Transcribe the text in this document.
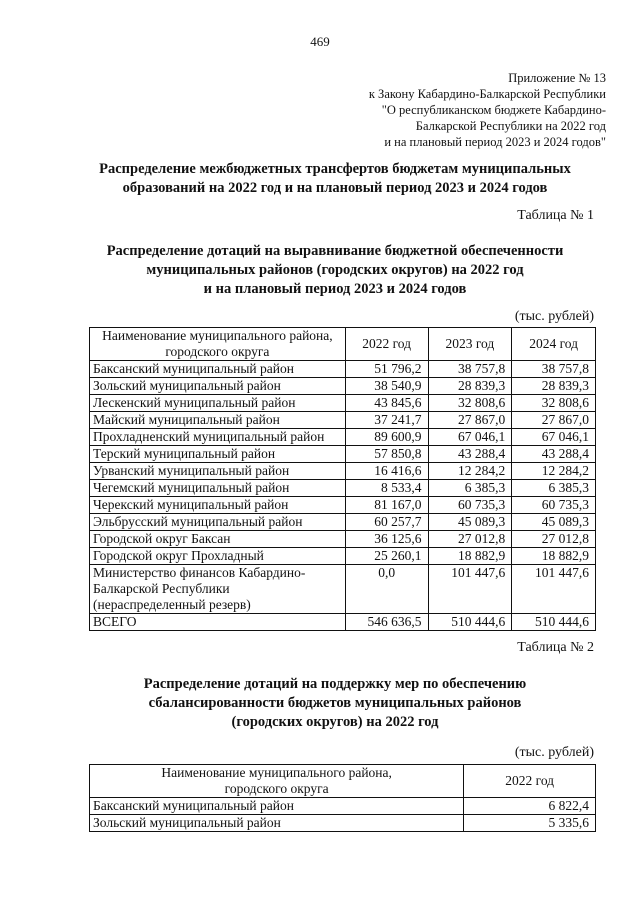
469
Приложение № 13
к Закону Кабардино-Балкарской Республики
"О республиканском бюджете Кабардино-
Балкарской Республики на 2022 год
и на плановый период 2023 и 2024 годов"
Распределение межбюджетных трансфертов бюджетам муниципальных
образований на 2022 год и на плановый период 2023 и 2024 годов
Таблица № 1
Распределение дотаций на выравнивание бюджетной обеспеченности
муниципальных районов (городских округов) на 2022 год
и на плановый период 2023 и 2024 годов
(тыс. рублей)
Наименование муниципального района,
городского округа	2022 год	2023 год	2024 год
Баксанский муниципальный район	51 796,2	38 757,8	38 757,8
Зольский муниципальный район	38 540,9	28 839,3	28 839,3
Лескенский муниципальный район	43 845,6	32 808,6	32 808,6
Майский муниципальный район	37 241,7	27 867,0	27 867,0
Прохладненский муниципальный район	89 600,9	67 046,1	67 046,1
Терский муниципальный район	57 850,8	43 288,4	43 288,4
Урванский муниципальный район	16 416,6	12 284,2	12 284,2
Чегемский муниципальный район	8 533,4	6 385,3	6 385,3
Черекский муниципальный район	81 167,0	60 735,3	60 735,3
Эльбрусский муниципальный район	60 257,7	45 089,3	45 089,3
Городской округ Баксан	36 125,6	27 012,8	27 012,8
Городской округ Прохладный	25 260,1	18 882,9	18 882,9

Министерство финансов Кабардино-
Балкарской Республики
(нераспределенный резерв)	0,0	101 447,6	101 447,6
ВСЕГО	546 636,5	510 444,6	510 444,6
Таблица № 2
Распределение дотаций на поддержку мер по обеспечению
сбалансированности бюджетов муниципальных районов
(городских округов) на 2022 год
(тыс. рублей)
Наименование муниципального района,
городского округа	2022 год
Баксанский муниципальный район	6 822,4
Зольский муниципальный район	5 335,6
